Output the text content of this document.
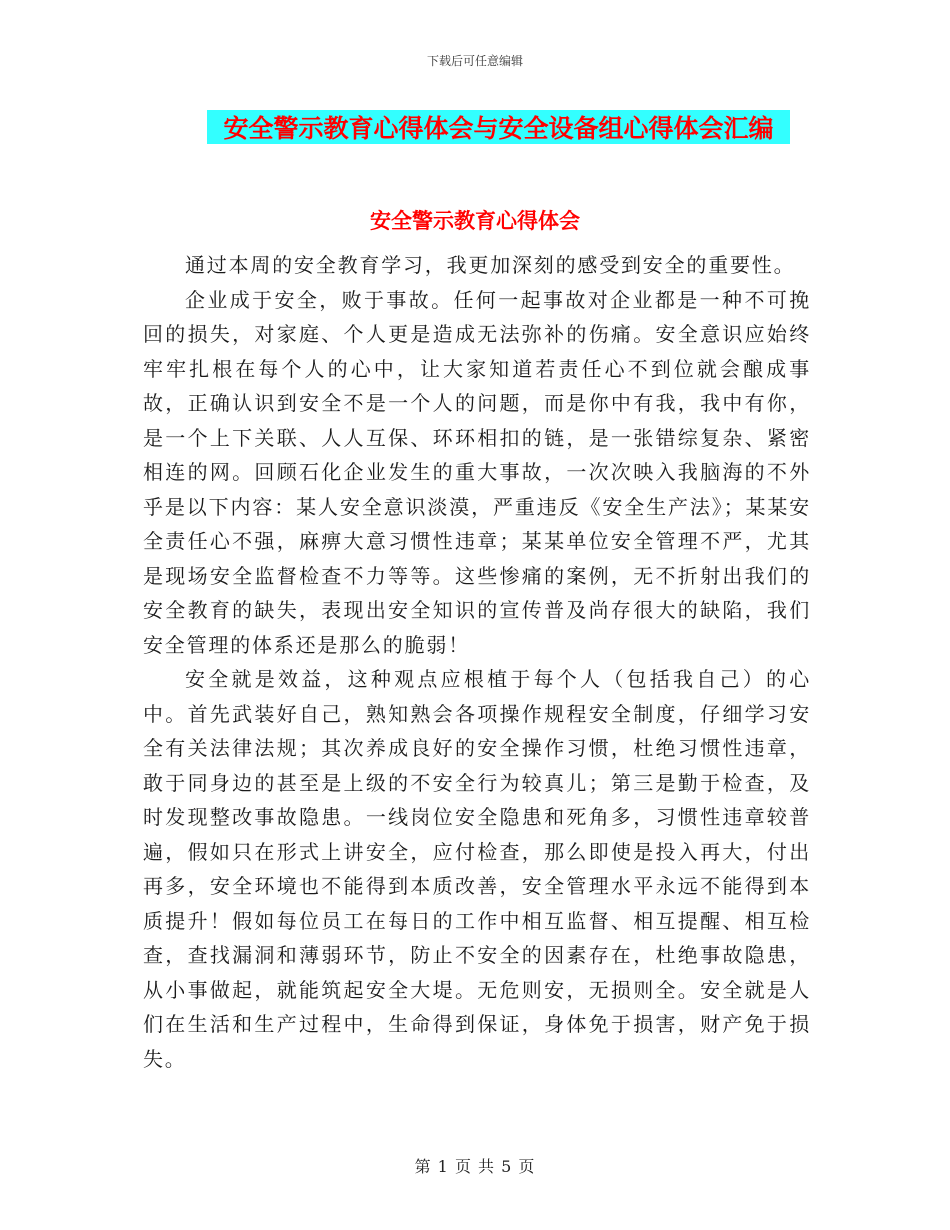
下载后可任意编辑
安全警示教育心得体会与安全设备组心得体会汇编
安全警示教育心得体会

通过本周的安全教育学习，我更加深刻的感受到安全的重要性。

企业成于安全，败于事故。任何一起事故对企业都是一种不可挽回的损失，对家庭、个人更是造成无法弥补的伤痛。安全意识应始终牢牢扎根在每个人的心中，让大家知道若责任心不到位就会酿成事故，正确认识到安全不是一个人的问题，而是你中有我，我中有你，是一个上下关联、人人互保、环环相扣的链，是一张错综复杂、紧密相连的网。回顾石化企业发生的重大事故，一次次映入我脑海的不外乎是以下内容：某人安全意识淡漠，严重违反《安全生产法》；某某安全责任心不强，麻痹大意习惯性违章；某某单位安全管理不严，尤其是现场安全监督检查不力等等。这些惨痛的案例，无不折射出我们的安全教育的缺失，表现出安全知识的宣传普及尚存很大的缺陷，我们安全管理的体系还是那么的脆弱！

安全就是效益，这种观点应根植于每个人（包括我自己）的心中。首先武装好自己，熟知熟会各项操作规程安全制度，仔细学习安全有关法律法规；其次养成良好的安全操作习惯，杜绝习惯性违章，敢于同身边的甚至是上级的不安全行为较真儿；第三是勤于检查，及时发现整改事故隐患。一线岗位安全隐患和死角多，习惯性违章较普遍，假如只在形式上讲安全，应付检查，那么即使是投入再大，付出再多，安全环境也不能得到本质改善，安全管理水平永远不能得到本质提升！假如每位员工在每日的工作中相互监督、相互提醒、相互检查，查找漏洞和薄弱环节，防止不安全的因素存在，杜绝事故隐患，从小事做起，就能筑起安全大堤。无危则安，无损则全。安全就是人们在生活和生产过程中，生命得到保证，身体免于损害，财产免于损失。

第 1 页 共 5 页
